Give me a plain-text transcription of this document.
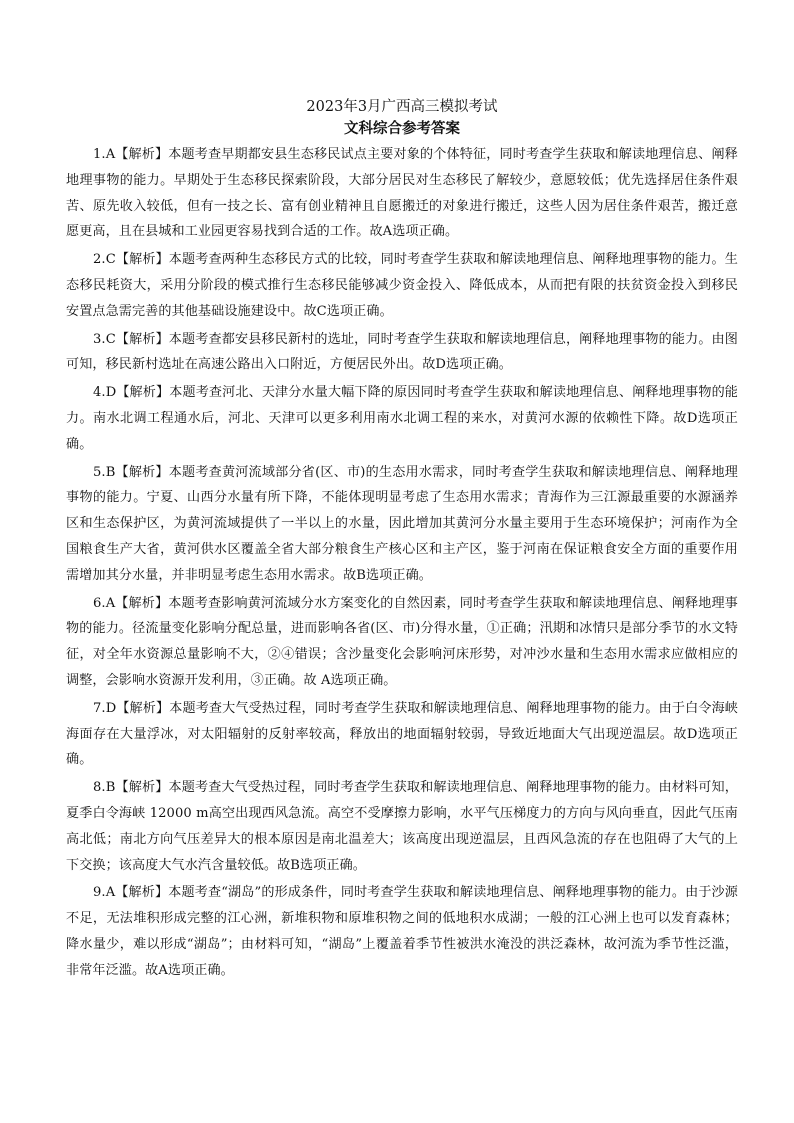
2023年3月广西高三模拟考试
文科综合参考答案

1.A【解析】本题考查早期都安县生态移民试点主要对象的个体特征，同时考查学生获取和解读地理信息、阐释地理事物的能力。早期处于生态移民探索阶段，大部分居民对生态移民了解较少，意愿较低；优先选择居住条件艰苦、原先收入较低，但有一技之长、富有创业精神且自愿搬迁的对象进行搬迁，这些人因为居住条件艰苦，搬迁意愿更高，且在县城和工业园更容易找到合适的工作。故A选项正确。

2.C【解析】本题考查两种生态移民方式的比较，同时考查学生获取和解读地理信息、阐释地理事物的能力。生态移民耗资大，采用分阶段的模式推行生态移民能够减少资金投入、降低成本，从而把有限的扶贫资金投入到移民安置点急需完善的其他基础设施建设中。故C选项正确。

3.C【解析】本题考查都安县移民新村的选址，同时考查学生获取和解读地理信息，阐释地理事物的能力。由图可知，移民新村选址在高速公路出入口附近，方便居民外出。故D选项正确。

4.D【解析】本题考查河北、天津分水量大幅下降的原因同时考查学生获取和解读地理信息、阐释地理事物的能力。南水北调工程通水后，河北、天津可以更多利用南水北调工程的来水，对黄河水源的依赖性下降。故D选项正确。

5.B【解析】本题考查黄河流域部分省(区、市)的生态用水需求，同时考查学生获取和解读地理信息、阐释地理事物的能力。宁夏、山西分水量有所下降，不能体现明显考虑了生态用水需求；青海作为三江源最重要的水源涵养区和生态保护区，为黄河流域提供了一半以上的水量，因此增加其黄河分水量主要用于生态环境保护；河南作为全国粮食生产大省，黄河供水区覆盖全省大部分粮食生产核心区和主产区，鉴于河南在保证粮食安全方面的重要作用需增加其分水量，并非明显考虑生态用水需求。故B选项正确。

6.A【解析】本题考查影响黄河流域分水方案变化的自然因素，同时考查学生获取和解读地理信息、阐释地理事物的能力。径流量变化影响分配总量，进而影响各省(区、市)分得水量，①正确；汛期和冰情只是部分季节的水文特征，对全年水资源总量影响不大，②④错误；含沙量变化会影响河床形势，对冲沙水量和生态用水需求应做相应的调整，会影响水资源开发利用，③正确。故 A选项正确。

7.D【解析】本题考查大气受热过程，同时考查学生获取和解读地理信息、阐释地理事物的能力。由于白令海峡海面存在大量浮冰，对太阳辐射的反射率较高，释放出的地面辐射较弱，导致近地面大气出现逆温层。故D选项正确。

8.B【解析】本题考查大气受热过程，同时考查学生获取和解读地理信息、阐释地理事物的能力。由材料可知，夏季白令海峡 12000 m高空出现西风急流。高空不受摩擦力影响，水平气压梯度力的方向与风向垂直，因此气压南高北低；南北方向气压差异大的根本原因是南北温差大；该高度出现逆温层，且西风急流的存在也阻碍了大气的上下交换；该高度大气水汽含量较低。故B选项正确。

9.A【解析】本题考查“湖岛”的形成条件，同时考查学生获取和解读地理信息、阐释地理事物的能力。由于沙源不足，无法堆积形成完整的江心洲，新堆积物和原堆积物之间的低地积水成湖；一般的江心洲上也可以发育森林；降水量少，难以形成“湖岛”；由材料可知，“湖岛”上覆盖着季节性被洪水淹没的洪泛森林，故河流为季节性泛滥，非常年泛滥。故A选项正确。
